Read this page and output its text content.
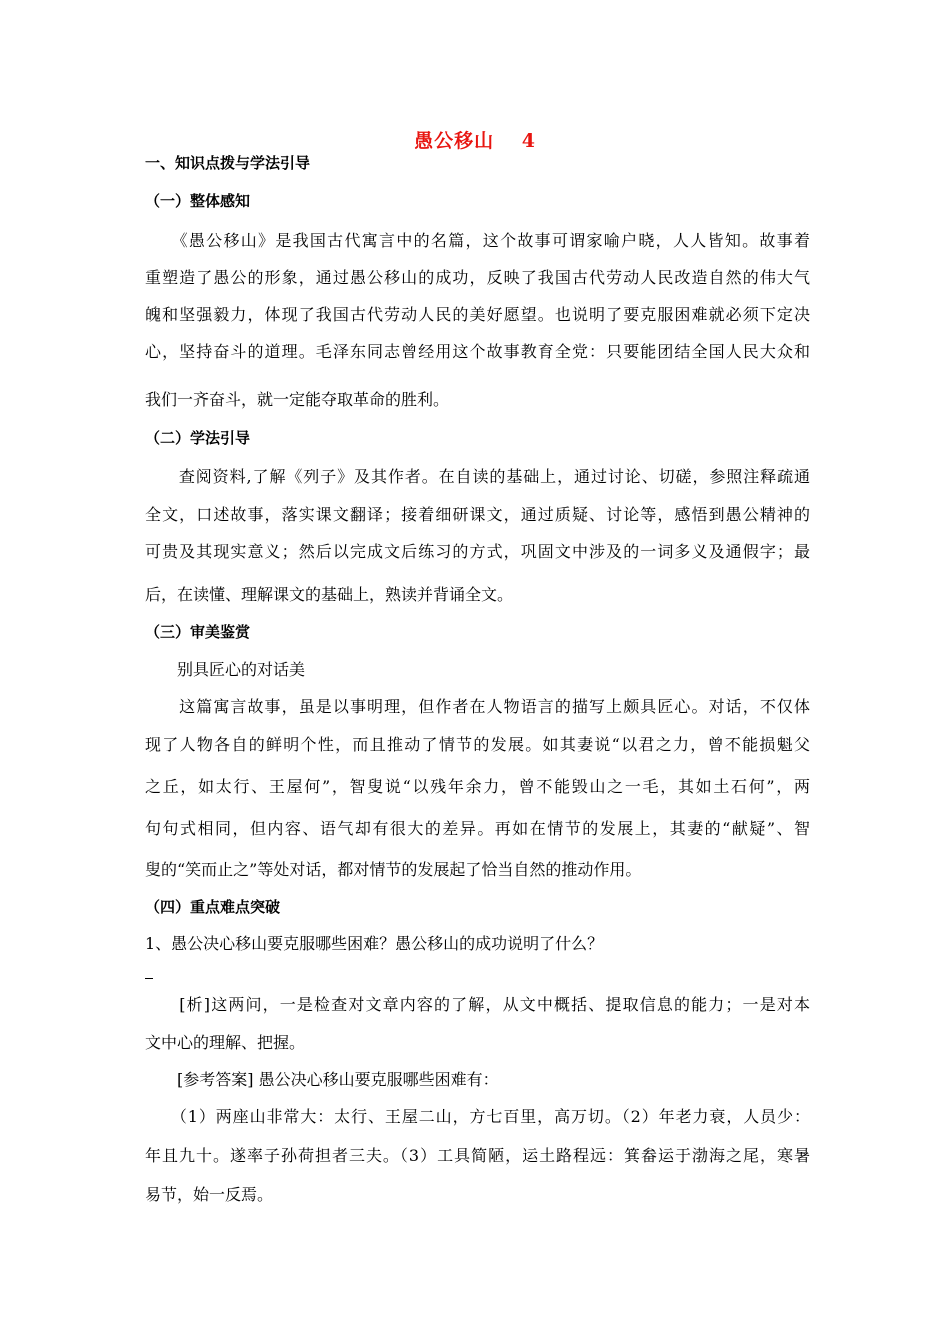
愚公移山　 4
一、知识点拨与学法引导
（一）整体感知
　　《愚公移山》是我国古代寓言中的名篇，这个故事可谓家喻户晓，人人皆知。故事着
重塑造了愚公的形象，通过愚公移山的成功，反映了我国古代劳动人民改造自然的伟大气
魄和坚强毅力，体现了我国古代劳动人民的美好愿望。也说明了要克服困难就必须下定决
心，坚持奋斗的道理。毛泽东同志曾经用这个故事教育全党：只要能团结全国人民大众和
我们一齐奋斗，就一定能夺取革命的胜利。
（二）学法引导
　　查阅资料,了解《列子》及其作者。在自读的基础上，通过讨论、切磋，参照注释疏通
全文，口述故事，落实课文翻译；接着细研课文，通过质疑、讨论等，感悟到愚公精神的
可贵及其现实意义；然后以完成文后练习的方式，巩固文中涉及的一词多义及通假字；最
后，在读懂、理解课文的基础上，熟读并背诵全文。
（三）审美鉴赏
　　别具匠心的对话美
　　这篇寓言故事，虽是以事明理，但作者在人物语言的描写上颇具匠心。对话，不仅体
现了人物各自的鲜明个性，而且推动了情节的发展。如其妻说“以君之力，曾不能损魁父
之丘，如太行、王屋何”，智叟说“以残年余力，曾不能毁山之一毛，其如土石何”，两
句句式相同，但内容、语气却有很大的差异。再如在情节的发展上，其妻的“献疑”、智
叟的“笑而止之”等处对话，都对情节的发展起了恰当自然的推动作用。
（四）重点难点突破
1、愚公决心移山要克服哪些困难？愚公移山的成功说明了什么？
　　[析]这两问，一是检查对文章内容的了解，从文中概括、提取信息的能力；一是对本
文中心的理解、把握。
　　[参考答案] 愚公决心移山要克服哪些困难有：
　　（1）两座山非常大：太行、王屋二山，方七百里，高万切。（2）年老力衰，人员少：
年且九十。遂率子孙荷担者三夫。（3）工具简陋，运土路程远：箕畚运于渤海之尾，寒暑
易节，始一反焉。
